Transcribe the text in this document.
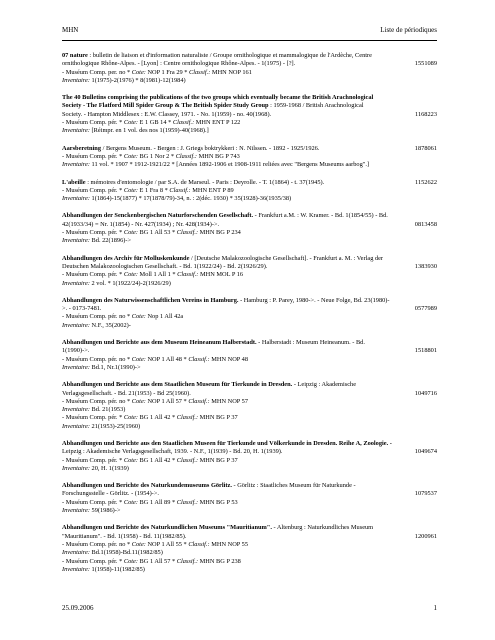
MHN	Liste de périodiques
07 nature : bulletin de liaison et d'information naturaliste / Groupe ornithologique et mammalogique de l'Ardèche, Centre
ornithologique Rhône-Alpes. - [Lyon] : Centre ornithologique Rhône-Alpes. - 1(1975) - [?].
- Muséum Comp. per. no * Cote: NOP 1 Fra 29 * Classif.: MHN NOP 161
Inventaire: 1(1975)-2(1976) * 8(1981)-12(1984)
1551089
The 40 Bulletins comprising the publications of the two groups which eventually became the British Arachnological
Society - The Flatford Mill Spider Group & The British Spider Study Group : 1959-1968 / British Arachnological
Society. - Hampton Middlesex : E.W. Classey, 1971. - No. 1(1959) - no. 40(1968).
- Muséum Comp. pér. * Cote: E 1 GB 14 * Classif.: MHN ENT P 122
Inventaire: [Réimpr. en 1 vol. des nos 1(1959)-40(1968).]
1168223
Aarsberetning / Bergens Museum. - Bergen : J. Griegs boktrykkeri : N. Nilssen. - 1892 - 1925/1926.
- Muséum Comp. pér. * Cote: BG 1 Nor 2 * Classif.: MHN BG P 743
Inventaire: 11 vol. * 1907 * 1912-1921/22 * [Années 1892-1906 et 1908-1911 reliées avec "Bergens Museums aarbog".]
1878061
L'abeille : mémoires d'entomologie / par S.A. de Marseul. - Paris : Deyrolle. - T. 1(1864) - t. 37(1945).
- Muséum Comp. pér. * Cote: E 1 Fra 8 * Classif.: MHN ENT P 89
Inventaire: 1(1864)-15(1877) * 17(1878/79)-34, n. : 2(déc. 1930) * 35(1928)-36(1935/38)
1152622
Abhandlungen der Senckenbergischen Naturforschenden Gesellschaft. - Frankfurt a.M. : W. Kramer. - Bd. 1(1854/55) - Bd.
42(1933/34) = Nr. 1(1854) - Nr. 427(1934) ; Nr. 428(1934)->.
- Muséum Comp. pér. * Cote: BG 1 All 53 * Classif.: MHN BG P 234
Inventaire: Bd. 22(1896)->
0813458
Abhandlungen des Archiv für Molluskenkunde / [Deutsche Malakozoologische Gesellschaft]. - Frankfurt a. M. : Verlag der
Deutschen Malakozoologischen Gesellschaft. - Bd. 1(1922/24) - Bd. 2(1926/29).
- Muséum Comp. pér. * Cote: Moll 1 All 1 * Classif.: MHN MOL P 16
Inventaire: 2 vol. * 1(1922/24)-2(1926/29)
1383930
Abhandlungen des Naturwissenschaftlichen Vereins in Hamburg. - Hamburg : P. Parey, 1980->. - Neue Folge, Bd. 23(1980)-
>. - 0173-7481.
- Muséum Comp. pér. no * Cote: Nop 1 All 42a
Inventaire: N.F., 35(2002)-
0577989
Abhandlungen und Berichte aus dem Museum Heineanum Halberstadt. - Halberstadt : Museum Heineanum. - Bd.
1(1990)->.
- Muséum Comp. pér. no * Cote: NOP 1 All 48 * Classif.: MHN NOP 48
Inventaire: Bd.1, Nr.1(1990)->
1518801
Abhandlungen und Berichte aus dem Staatlichen Museum für Tierkunde in Dresden. - Leipzig : Akademische
Verlagsgesellschaft. - Bd. 21(1953) - Bd 25(1960).
- Muséum Comp. pér. no * Cote: NOP 1 All 57 * Classif.: MHN NOP 57
Inventaire: Bd. 21(1953)
- Muséum Comp. pér. * Cote: BG 1 All 42 * Classif.: MHN BG P 37
Inventaire: 21(1953)-25(1960)
1049716
Abhandlungen und Berichte aus den Staatlichen Museen für Tierkunde und Völkerkunde in Dresden. Reihe A, Zoologie. -
Leipzig : Akademische Verlagsgesellschaft, 1939. - N.F., 1(1939) - Bd. 20, H. 1(1939).
- Muséum Comp. pér. * Cote: BG 1 All 42 * Classif.: MHN BG P 37
Inventaire: 20, H. 1(1939)
1049674
Abhandlungen und Berichte des Naturkundemuseums Görlitz. - Görlitz : Staatliches Museum für Naturkunde -
Forschungsstelle - Görlitz. - (1954)->.
- Muséum Comp. pér. * Cote: BG 1 All 89 * Classif.: MHN BG P 53
Inventaire: 59(1986)->
1079537
Abhandlungen und Berichte des Naturkundlichen Museums "Mauritianum". - Altenburg : Naturkundliches Museum
"Mauritianum". - Bd. 1(1958) - Bd. 11(1982/85).
- Muséum Comp. pér. no * Cote: NOP 1 All 55 * Classif.: MHN NOP 55
Inventaire: Bd.1(1958)-Bd.11(1982/85)
- Muséum Comp. pér. * Cote: BG 1 All 57 * Classif.: MHN BG P 238
Inventaire: 1(1958)-11(1982/85)
1200961
25.09.2006	1
